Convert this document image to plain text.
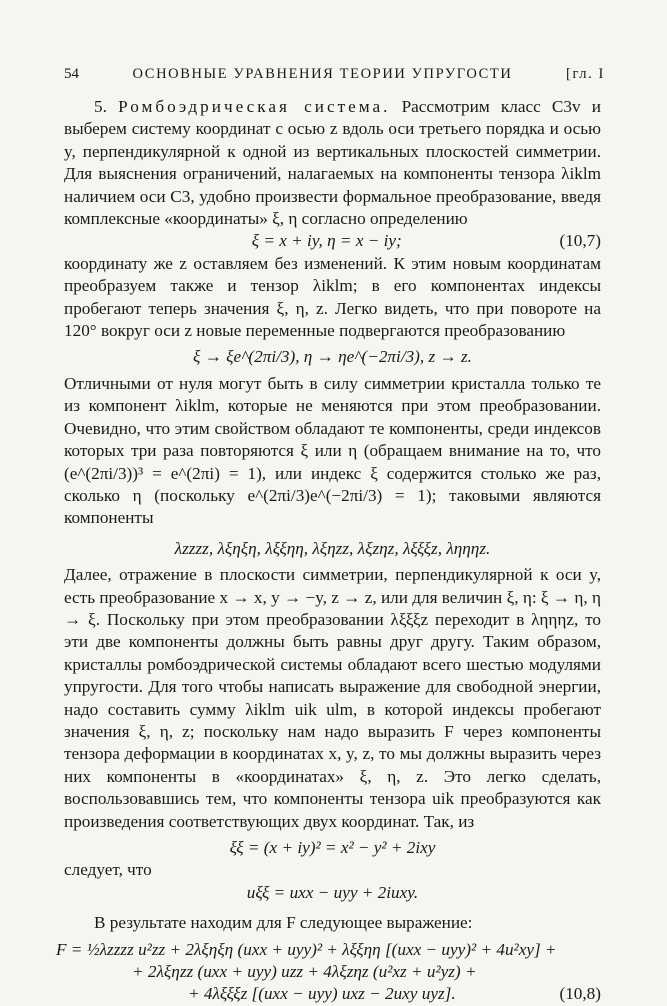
54	ОСНОВНЫЕ УРАВНЕНИЯ ТЕОРИИ УПРУГОСТИ	[гл. I

5. Ромбоэдрическая система. Рассмотрим класс C3v и выберем систему координат с осью z вдоль оси третьего порядка и осью y, перпендикулярной к одной из вертикальных плоскостей симметрии. Для выяснения ограничений, налагаемых на компоненты тензора λiklm наличием оси C3, удобно произвести формальное преобразование, введя комплексные «координаты» ξ, η согласно определению

ξ = x + iy, η = x − iy;	(10,7)

координату же z оставляем без изменений. К этим новым координатам преобразуем также и тензор λiklm; в его компонентах индексы пробегают теперь значения ξ, η, z. Легко видеть, что при повороте на 120° вокруг оси z новые переменные подвергаются преобразованию

ξ → ξe^(2πi/3), η → ηe^(−2πi/3), z → z.

Отличными от нуля могут быть в силу симметрии кристалла только те из компонент λiklm, которые не меняются при этом преобразовании. Очевидно, что этим свойством обладают те компоненты, среди индексов которых три раза повторяются ξ или η (обращаем внимание на то, что (e^(2πi/3))³ = e^(2πi) = 1), или индекс ξ содержится столько же раз, сколько η (поскольку e^(2πi/3)e^(−2πi/3) = 1); таковыми являются компоненты

λzzzz, λξηξη, λξξηη, λξηzz, λξzηz, λξξξz, ληηηz.

Далее, отражение в плоскости симметрии, перпендикулярной к оси y, есть преобразование x → x, y → −y, z → z, или для величин ξ, η: ξ → η, η → ξ. Поскольку при этом преобразовании λξξξz переходит в ληηηz, то эти две компоненты должны быть равны друг другу. Таким образом, кристаллы ромбоэдрической системы обладают всего шестью модулями упругости. Для того чтобы написать выражение для свободной энергии, надо составить сумму λiklm uik ulm, в которой индексы пробегают значения ξ, η, z; поскольку нам надо выразить F через компоненты тензора деформации в координатах x, y, z, то мы должны выразить через них компоненты в «координатах» ξ, η, z. Это легко сделать, воспользовавшись тем, что компоненты тензора uik преобразуются как произведения соответствующих двух координат. Так, из

ξξ = (x + iy)² = x² − y² + 2ixy

следует, что

uξξ = uxx − uyy + 2iuxy.

В результате находим для F следующее выражение:

F = ½λzzzz u²zz + 2λξηξη (uxx + uyy)² + λξξηη [(uxx − uyy)² + 4u²xy] +
+ 2λξηzz (uxx + uyy) uzz + 4λξzηz (u²xz + u²yz) +
+ 4λξξξz [(uxx − uyy) uxz − 2uxy uyz].	(10,8)
